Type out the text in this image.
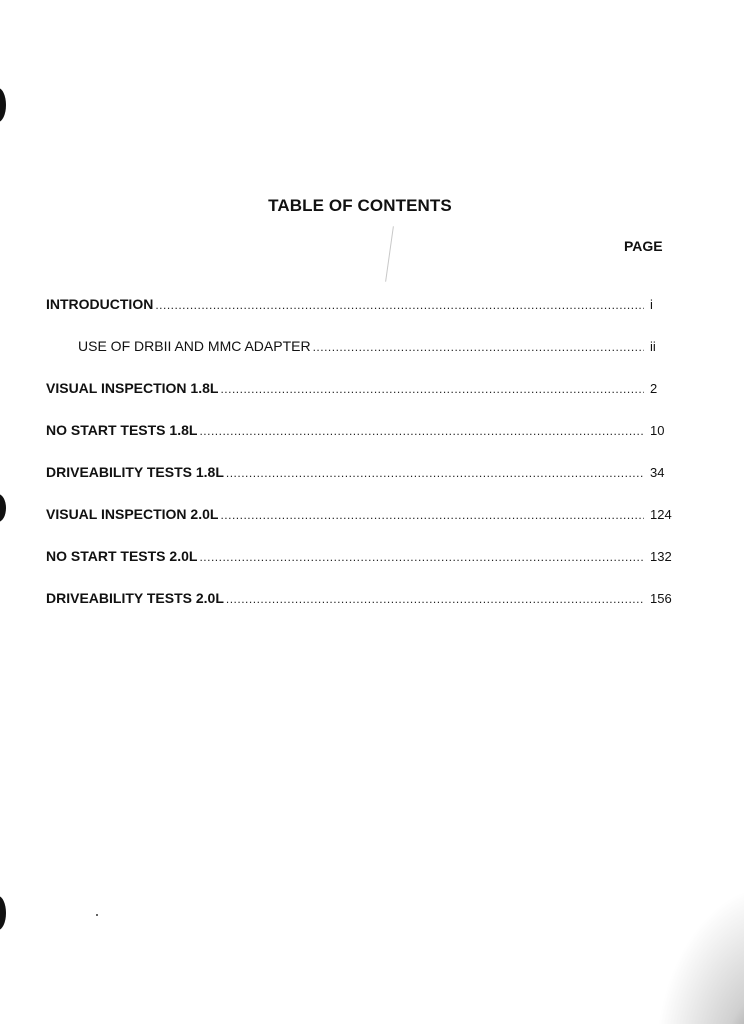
TABLE OF CONTENTS
PAGE
INTRODUCTION .....	i
USE OF DRBII AND MMC ADAPTER .....	ii
VISUAL INSPECTION 1.8L .....	2
NO START TESTS 1.8L .....	10
DRIVEABILITY TESTS 1.8L .....	34
VISUAL INSPECTION 2.0L .....	124
NO START TESTS 2.0L .....	132
DRIVEABILITY TESTS 2.0L .....	156
